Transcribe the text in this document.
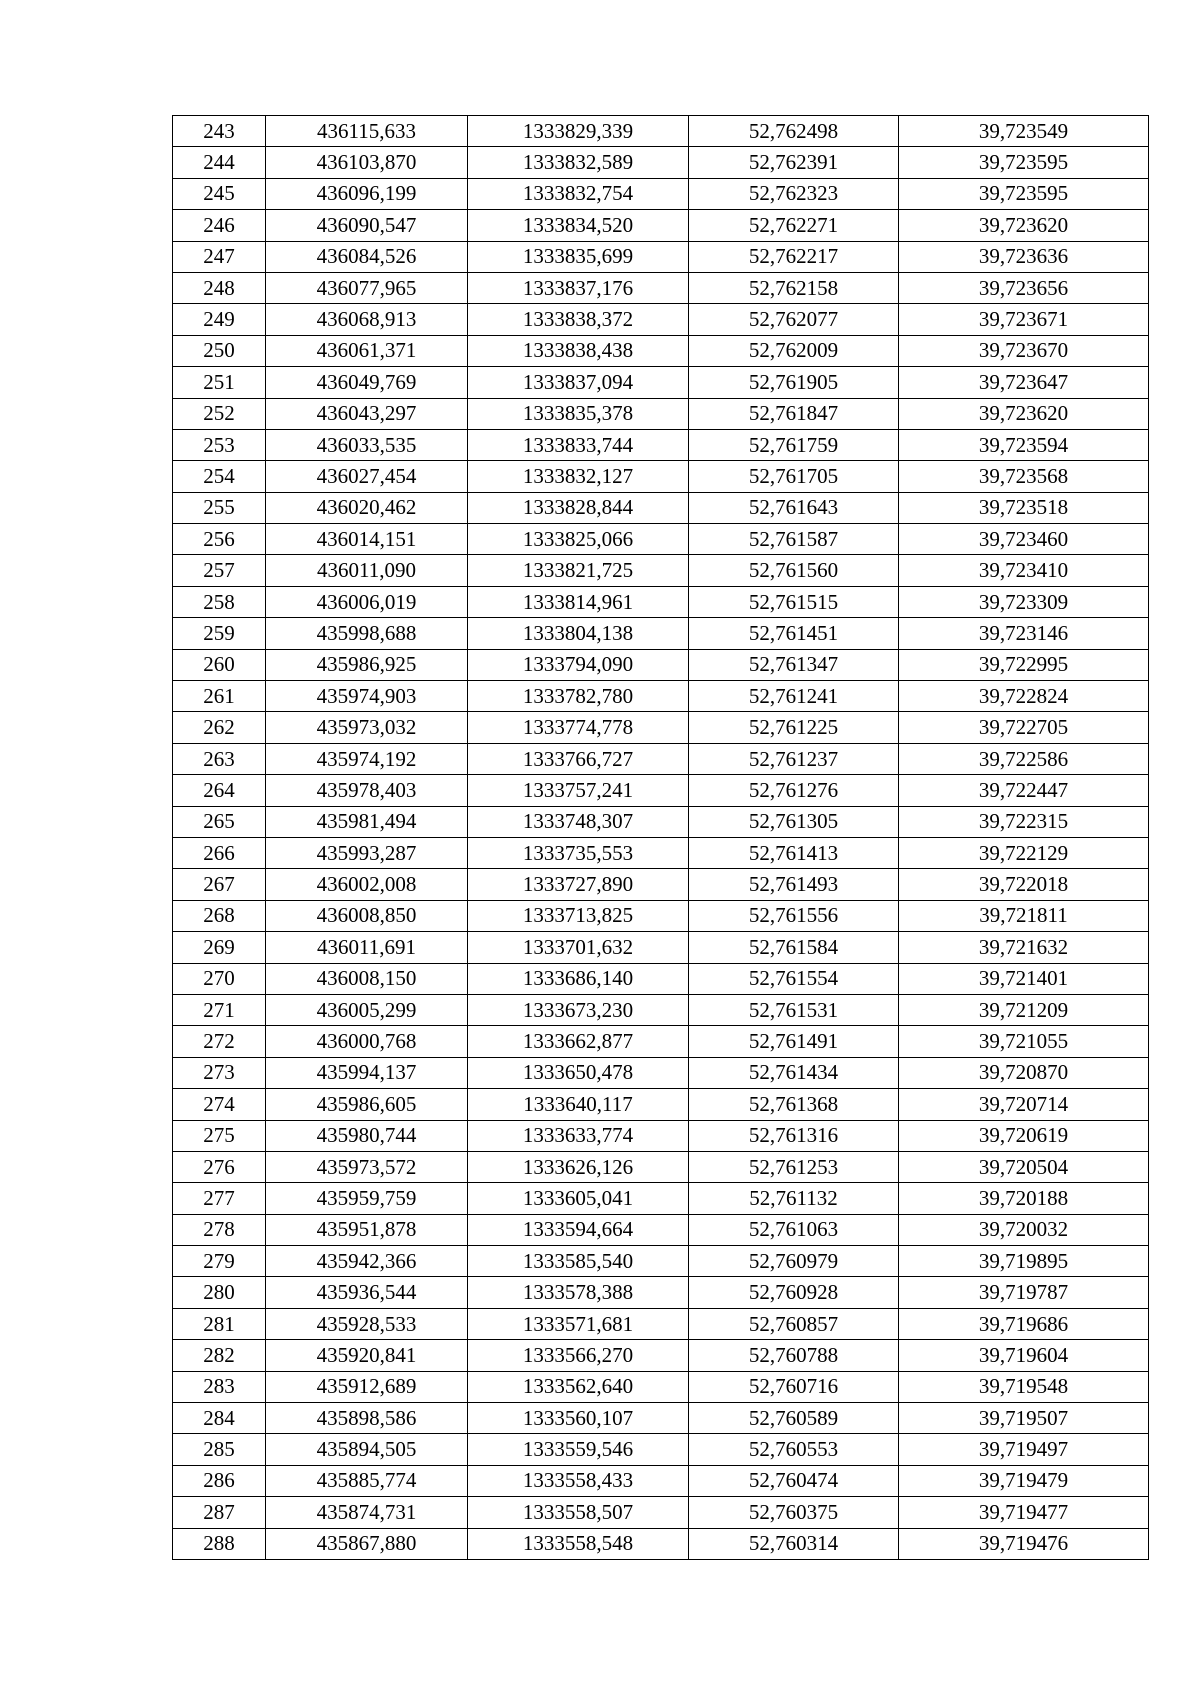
243	436115,633	1333829,339	52,762498	39,723549
244	436103,870	1333832,589	52,762391	39,723595
245	436096,199	1333832,754	52,762323	39,723595
246	436090,547	1333834,520	52,762271	39,723620
247	436084,526	1333835,699	52,762217	39,723636
248	436077,965	1333837,176	52,762158	39,723656
249	436068,913	1333838,372	52,762077	39,723671
250	436061,371	1333838,438	52,762009	39,723670
251	436049,769	1333837,094	52,761905	39,723647
252	436043,297	1333835,378	52,761847	39,723620
253	436033,535	1333833,744	52,761759	39,723594
254	436027,454	1333832,127	52,761705	39,723568
255	436020,462	1333828,844	52,761643	39,723518
256	436014,151	1333825,066	52,761587	39,723460
257	436011,090	1333821,725	52,761560	39,723410
258	436006,019	1333814,961	52,761515	39,723309
259	435998,688	1333804,138	52,761451	39,723146
260	435986,925	1333794,090	52,761347	39,722995
261	435974,903	1333782,780	52,761241	39,722824
262	435973,032	1333774,778	52,761225	39,722705
263	435974,192	1333766,727	52,761237	39,722586
264	435978,403	1333757,241	52,761276	39,722447
265	435981,494	1333748,307	52,761305	39,722315
266	435993,287	1333735,553	52,761413	39,722129
267	436002,008	1333727,890	52,761493	39,722018
268	436008,850	1333713,825	52,761556	39,721811
269	436011,691	1333701,632	52,761584	39,721632
270	436008,150	1333686,140	52,761554	39,721401
271	436005,299	1333673,230	52,761531	39,721209
272	436000,768	1333662,877	52,761491	39,721055
273	435994,137	1333650,478	52,761434	39,720870
274	435986,605	1333640,117	52,761368	39,720714
275	435980,744	1333633,774	52,761316	39,720619
276	435973,572	1333626,126	52,761253	39,720504
277	435959,759	1333605,041	52,761132	39,720188
278	435951,878	1333594,664	52,761063	39,720032
279	435942,366	1333585,540	52,760979	39,719895
280	435936,544	1333578,388	52,760928	39,719787
281	435928,533	1333571,681	52,760857	39,719686
282	435920,841	1333566,270	52,760788	39,719604
283	435912,689	1333562,640	52,760716	39,719548
284	435898,586	1333560,107	52,760589	39,719507
285	435894,505	1333559,546	52,760553	39,719497
286	435885,774	1333558,433	52,760474	39,719479
287	435874,731	1333558,507	52,760375	39,719477
288	435867,880	1333558,548	52,760314	39,719476
